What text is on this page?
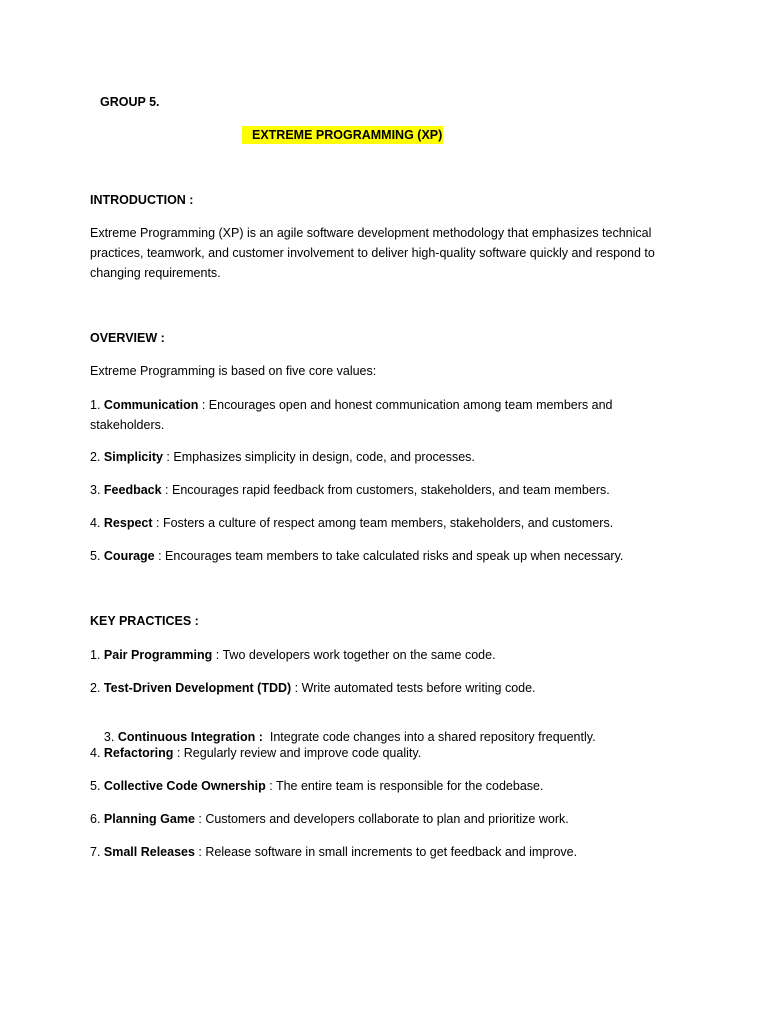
GROUP 5.
EXTREME PROGRAMMING (XP)
INTRODUCTION :
Extreme Programming (XP) is an agile software development methodology that emphasizes technical practices, teamwork, and customer involvement to deliver high-quality software quickly and respond to changing requirements.
OVERVIEW :
Extreme Programming is based on five core values:
1. Communication : Encourages open and honest communication among team members and stakeholders.
2. Simplicity : Emphasizes simplicity in design, code, and processes.
3. Feedback : Encourages rapid feedback from customers, stakeholders, and team members.
4. Respect : Fosters a culture of respect among team members, stakeholders, and customers.
5. Courage : Encourages team members to take calculated risks and speak up when necessary.
KEY PRACTICES :
1. Pair Programming : Two developers work together on the same code.
2. Test-Driven Development (TDD) : Write automated tests before writing code.

3. Continuous Integration :  Integrate code changes into a shared repository frequently.

4. Refactoring : Regularly review and improve code quality.
5. Collective Code Ownership : The entire team is responsible for the codebase.
6. Planning Game : Customers and developers collaborate to plan and prioritize work.
7. Small Releases : Release software in small increments to get feedback and improve.
